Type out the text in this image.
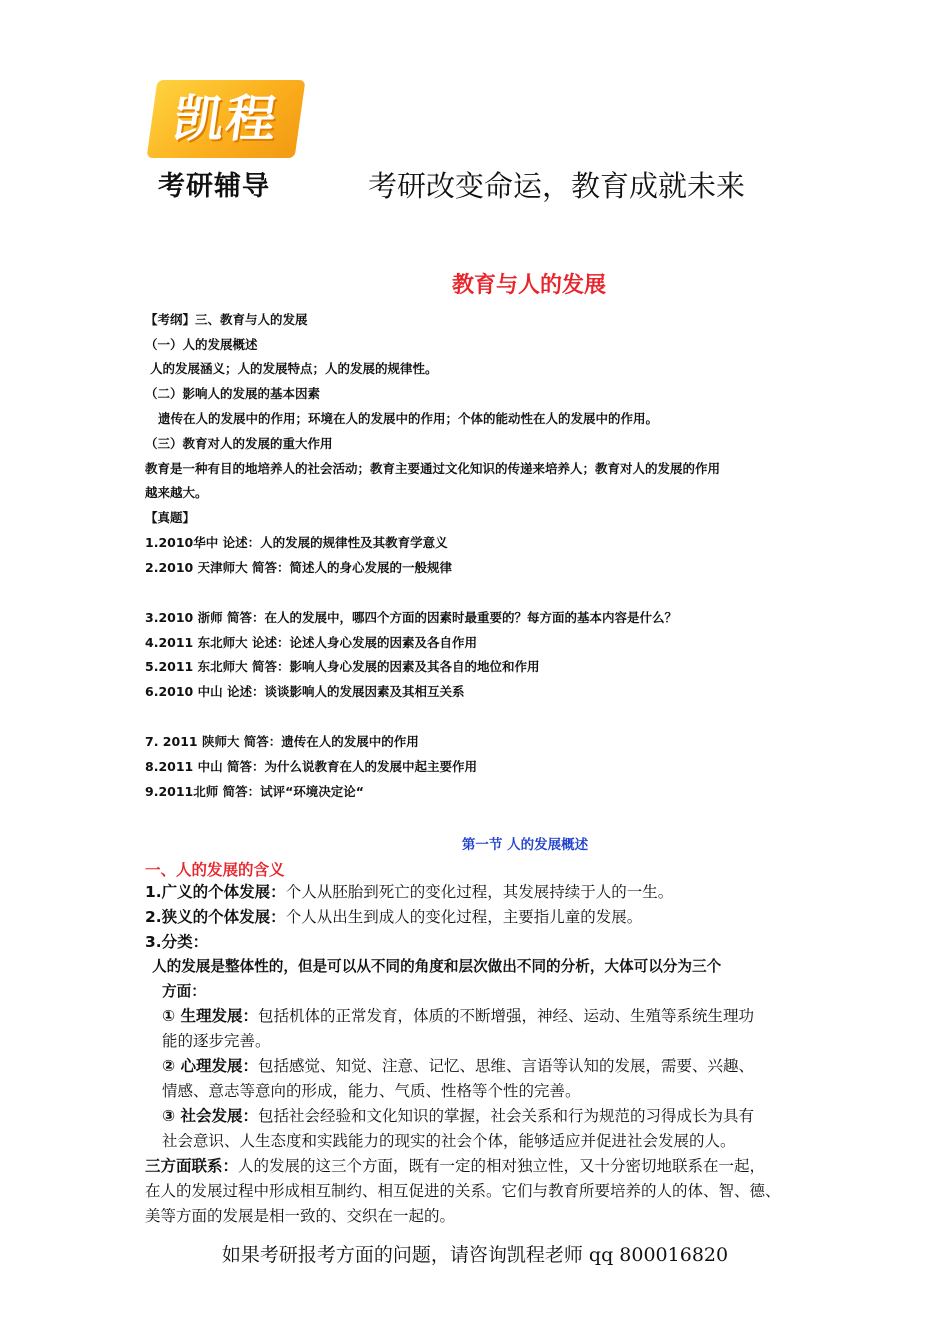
凯程
考研辅导	考研改变命运，教育成就未来
教育与人的发展
【考纲】三、教育与人的发展
（一）人的发展概述
人的发展涵义；人的发展特点；人的发展的规律性。
（二）影响人的发展的基本因素
遗传在人的发展中的作用；环境在人的发展中的作用；个体的能动性在人的发展中的作用。
（三）教育对人的发展的重大作用
教育是一种有目的地培养人的社会活动；教育主要通过文化知识的传递来培养人；教育对人的发展的作用
越来越大。
【真题】
1.2010华中 论述：人的发展的规律性及其教育学意义
2.2010 天津师大 简答：简述人的身心发展的一般规律
3.2010 浙师 简答：在人的发展中，哪四个方面的因素时最重要的？每方面的基本内容是什么？
4.2011 东北师大 论述：论述人身心发展的因素及各自作用
5.2011 东北师大 简答：影响人身心发展的因素及其各自的地位和作用
6.2010 中山 论述：谈谈影响人的发展因素及其相互关系
7. 2011 陕师大 简答：遗传在人的发展中的作用
8.2011 中山 简答：为什么说教育在人的发展中起主要作用
9.2011北师 简答：试评“环境决定论“
第一节 人的发展概述
一、人的发展的含义
1.广义的个体发展：个人从胚胎到死亡的变化过程，其发展持续于人的一生。
2.狭义的个体发展：个人从出生到成人的变化过程，主要指儿童的发展。
3.分类：
人的发展是整体性的，但是可以从不同的角度和层次做出不同的分析，大体可以分为三个
方面：
① 生理发展：包括机体的正常发育，体质的不断增强，神经、运动、生殖等系统生理功
能的逐步完善。
② 心理发展：包括感觉、知觉、注意、记忆、思维、言语等认知的发展，需要、兴趣、
情感、意志等意向的形成，能力、气质、性格等个性的完善。
③ 社会发展：包括社会经验和文化知识的掌握，社会关系和行为规范的习得成长为具有
社会意识、人生态度和实践能力的现实的社会个体，能够适应并促进社会发展的人。
三方面联系：人的发展的这三个方面，既有一定的相对独立性，又十分密切地联系在一起，
在人的发展过程中形成相互制约、相互促进的关系。它们与教育所要培养的人的体、智、德、
美等方面的发展是相一致的、交织在一起的。
如果考研报考方面的问题，请咨询凯程老师 qq 800016820
